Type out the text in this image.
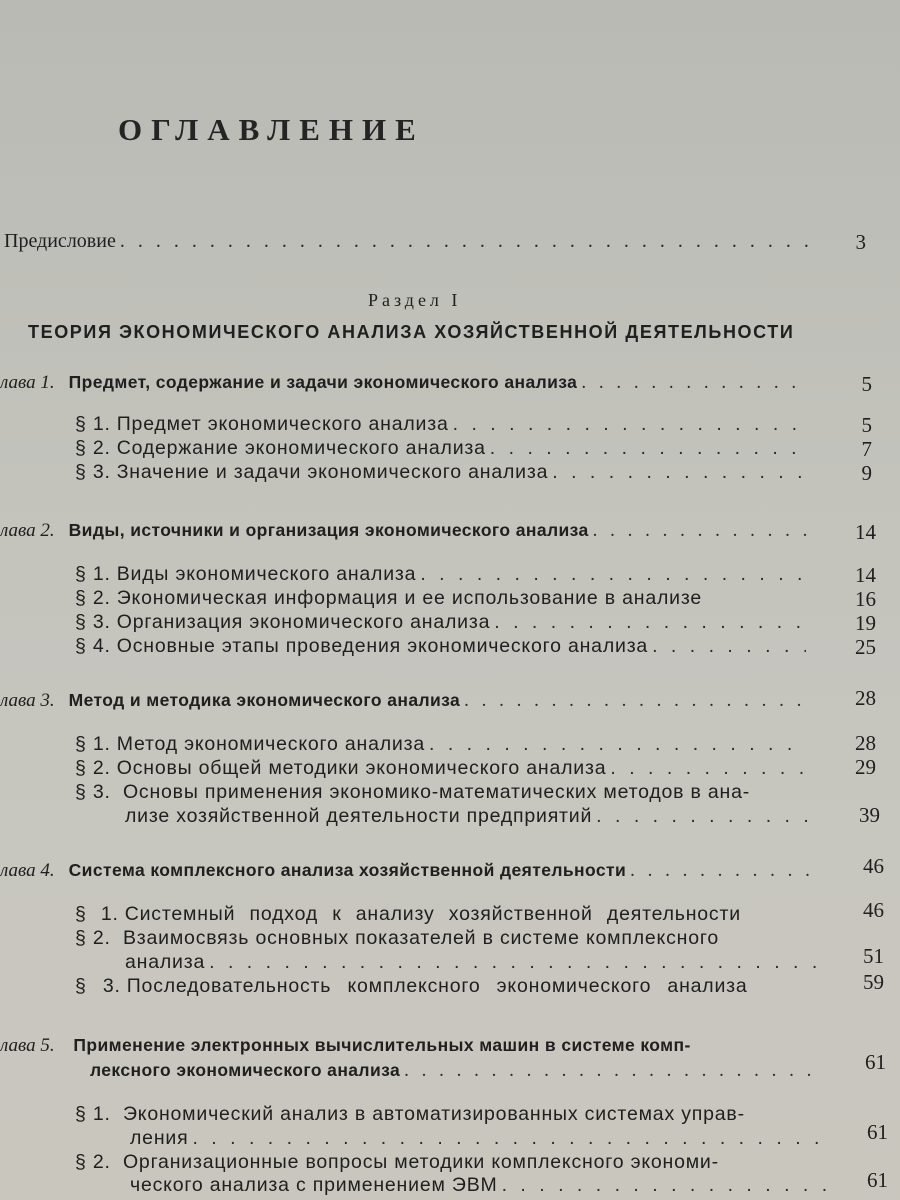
ОГЛАВЛЕНИЕ
Предисловие . . .	3
Раздел I
ТЕОРИЯ ЭКОНОМИЧЕСКОГО АНАЛИЗА ХОЗЯЙСТВЕННОЙ ДЕЯТЕЛЬНОСТИ
лава 1. Предмет, содержание и задачи экономического анализа . . .	5
§ 1. Предмет экономического анализа . . .	5
§ 2. Содержание экономического анализа . . .	7
§ 3. Значение и задачи экономического анализа . . .	9
лава 2. Виды, источники и организация экономического анализа . . .	14
§ 1. Виды экономического анализа . . .	14
§ 2. Экономическая информация и ее использование в анализе	16
§ 3. Организация экономического анализа . . .	19
§ 4. Основные этапы проведения экономического анализа . . .	25
лава 3. Метод и методика экономического анализа . . .	28
§ 1. Метод экономического анализа . . .	28
§ 2. Основы общей методики экономического анализа . . .	29
§ 3. Основы применения экономико-математических методов в ана-
лизе хозяйственной деятельности предприятий . . .	39
лава 4. Система комплексного анализа хозяйственной деятельности . . .	46
§ 1. Системный подход к анализу хозяйственной деятельности	46
§ 2. Взаимосвязь основных показателей в системе комплексного
анализа . . .	51
§ 3. Последовательность комплексного экономического анализа	59
лава 5. Применение электронных вычислительных машин в системе комп-
лексного экономического анализа . . .	61
§ 1. Экономический анализ в автоматизированных системах управ-
ления . . .	61
§ 2. Организационные вопросы методики комплексного экономи-
ческого анализа с применением ЭВМ . . .	61
